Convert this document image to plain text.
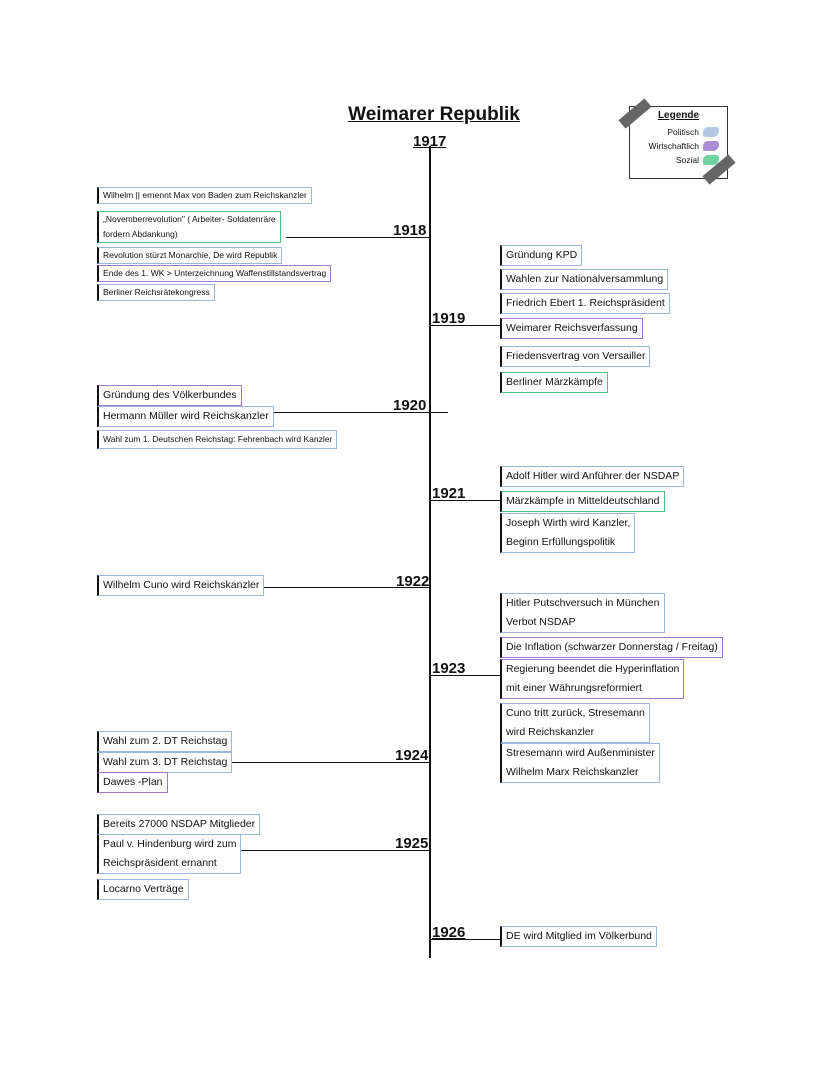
Weimarer Republik	Legende
Politisch
Wirtschaftlich
Sozial
1917
1918
1919
1920
1921
1922
1923
1924
1925
1926
Wilhelm || ernennt Max von Baden zum Reichskanzler
„Novemberrevolution" ( Arbeiter- Soldatenräre
fordern Abdankung)
Revolution stürzt Monarchie, De wird Republik
Ende des 1. WK > Unterzeichnung Waffenstillstandsvertrag
Berliner Reichsrätekongress
Gründung KPD
Wahlen zur Nationalversammlung
Friedrich Ebert 1. Reichspräsident
Weimarer Reichsverfassung
Friedensvertrag von Versailler
Berliner Märzkämpfe
Gründung des Völkerbundes
Hermann Müller wird Reichskanzler
Wahl zum 1. Deutschen Reichstag: Fehrenbach wird Kanzler
Adolf Hitler wird Anführer der NSDAP
Märzkämpfe in Mitteldeutschland
Joseph Wirth wird Kanzler,
Beginn Erfüllungspolitik
Wilhelm Cuno wird Reichskanzler
Hitler Putschversuch in München
Verbot NSDAP
Die Inflation (schwarzer Donnerstag / Freitag)
Regierung beendet die Hyperinflation
mit einer Währungsreformiert
Cuno tritt zurück, Stresemann
wird Reichskanzler
Stresemann wird Außenminister
Wilhelm Marx Reichskanzler
Wahl zum 2. DT Reichstag
Wahl zum 3. DT Reichstag
Dawes -Plan
Bereits 27000 NSDAP Mitglieder
Paul v. Hindenburg wird zum
Reichspräsident ernannt
Locarno Verträge
DE wird Mitglied im Völkerbund
